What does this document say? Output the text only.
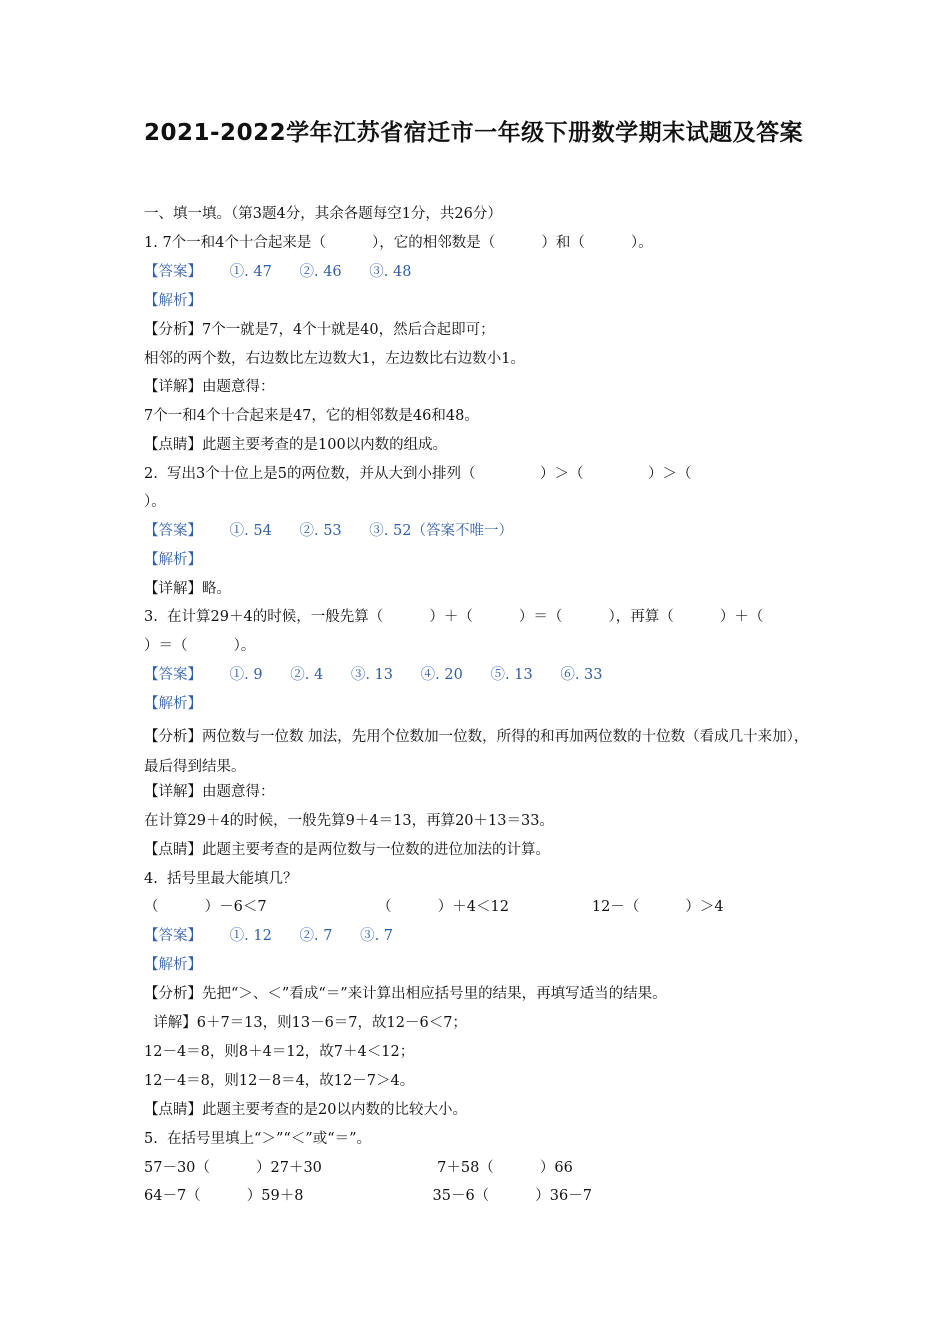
2021-2022学年江苏省宿迁市一年级下册数学期末试题及答案
一、填一填。（第3题4分，其余各题每空1分，共26分）
1. 7个一和4个十合起来是（          ），它的相邻数是（          ）和（          ）。
【答案】      ①. 47      ②. 46      ③. 48
【解析】
【分析】7个一就是7，4个十就是40，然后合起即可；
相邻的两个数，右边数比左边数大1，左边数比右边数小1。
【详解】由题意得：
7个一和4个十合起来是47，它的相邻数是46和48。
【点睛】此题主要考查的是100以内数的组成。
2.  写出3个十位上是5的两位数，并从大到小排列（              ）＞（              ）＞（
）。
【答案】      ①. 54      ②. 53      ③. 52（答案不唯一）
【解析】
【详解】略。
3.  在计算29＋4的时候，一般先算（          ）＋（          ）＝（          ），再算（          ）＋（
）＝（          ）。
【答案】      ①. 9      ②. 4      ③. 13      ④. 20      ⑤. 13      ⑥. 33
【解析】
【分析】两位数与一位数 加法，先用个位数加一位数，所得的和再加两位数的十位数（看成几十来加），最后得到结果。
【详解】由题意得：
在计算29＋4的时候，一般先算9＋4＝13，再算20＋13＝33。
【点睛】此题主要考查的是两位数与一位数的进位加法的计算。
4.  括号里最大能填几？
（          ）－6＜7                        （          ）＋4＜12                  12－（          ）＞4
【答案】      ①. 12      ②. 7      ③. 7
【解析】
【分析】先把“＞、＜”看成“＝”来计算出相应括号里的结果，再填写适当的结果。
详解】6＋7＝13，则13－6＝7，故12－6＜7；
12－4＝8，则8＋4＝12，故7＋4＜12；
12－4＝8，则12－8＝4，故12－7＞4。
【点睛】此题主要考查的是20以内数的比较大小。
5.  在括号里填上“＞”“＜”或“＝”。
57－30（          ）27＋30                         7＋58（          ）66
64－7（          ）59＋8                            35－6（          ）36－7
